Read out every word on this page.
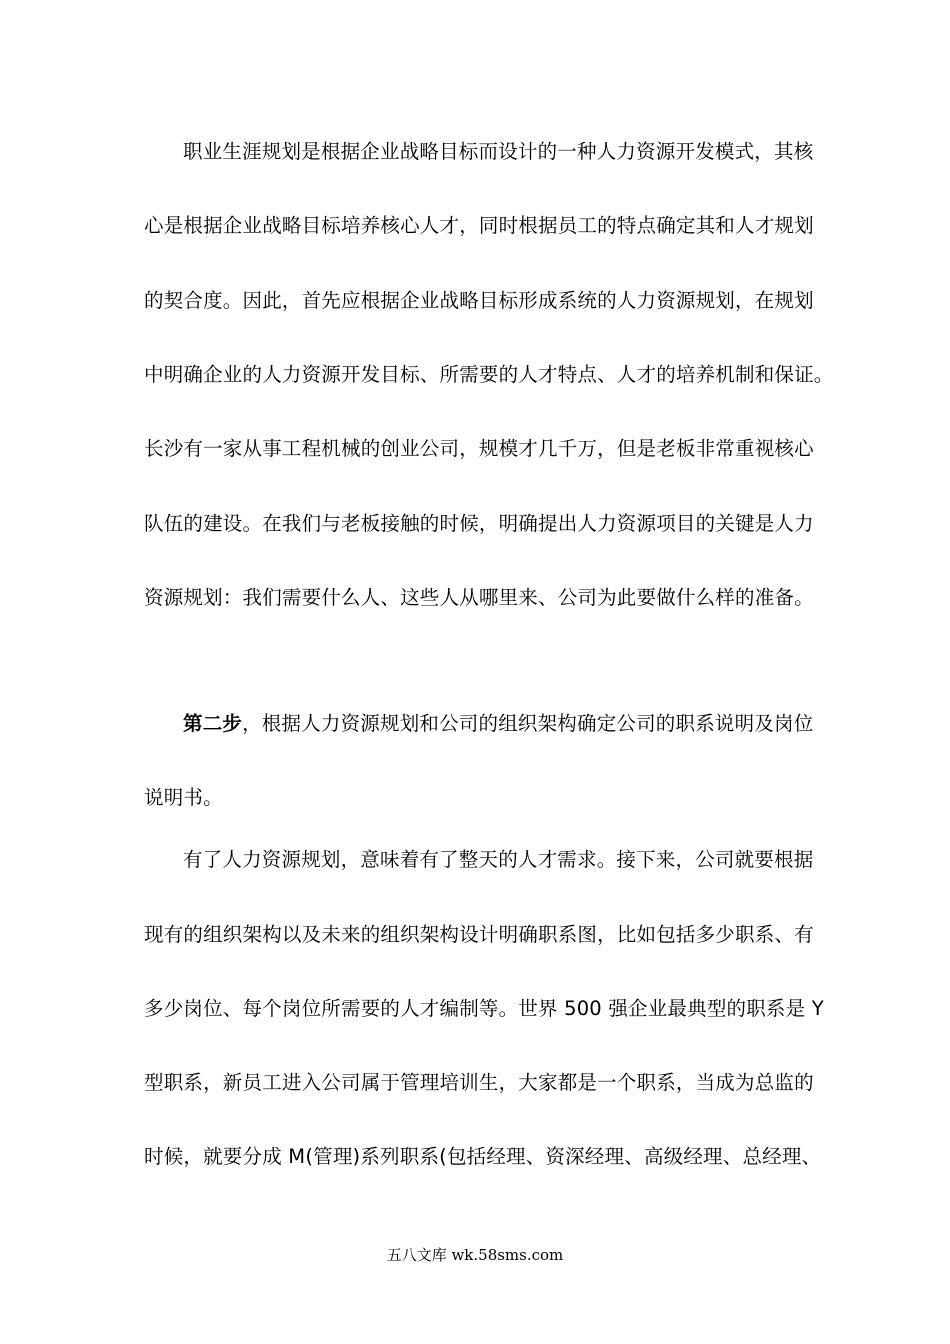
职业生涯规划是根据企业战略目标而设计的一种人力资源开发模式，其核
心是根据企业战略目标培养核心人才，同时根据员工的特点确定其和人才规划
的契合度。因此，首先应根据企业战略目标形成系统的人力资源规划，在规划
中明确企业的人力资源开发目标、所需要的人才特点、人才的培养机制和保证。
长沙有一家从事工程机械的创业公司，规模才几千万，但是老板非常重视核心
队伍的建设。在我们与老板接触的时候，明确提出人力资源项目的关键是人力
资源规划：我们需要什么人、这些人从哪里来、公司为此要做什么样的准备。
第二步，根据人力资源规划和公司的组织架构确定公司的职系说明及岗位
说明书。
有了人力资源规划，意味着有了整天的人才需求。接下来，公司就要根据
现有的组织架构以及未来的组织架构设计明确职系图，比如包括多少职系、有
多少岗位、每个岗位所需要的人才编制等。世界 500 强企业最典型的职系是 Y
型职系，新员工进入公司属于管理培训生，大家都是一个职系，当成为总监的
时候，就要分成 M(管理)系列职系(包括经理、资深经理、高级经理、总经理、
五八文库 wk.58sms.com
